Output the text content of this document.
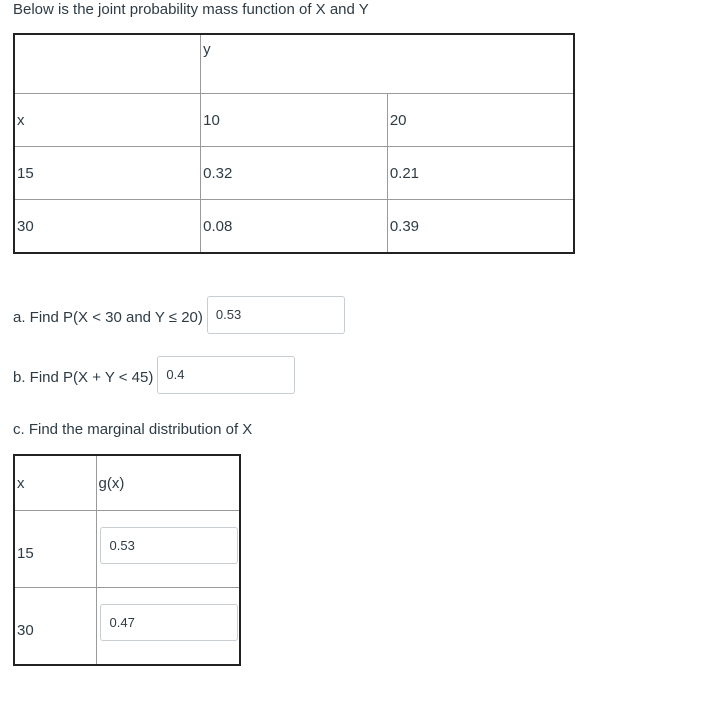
Below is the joint probability mass function of X and Y
	y	
x	10	20
15	0.32	0.21
30	0.08	0.39
a. Find P(X < 30 and Y ≤ 20)	0.53
b. Find P(X + Y < 45)	0.4
c. Find the marginal distribution of X
x	g(x)
15	0.53

30	0.47
